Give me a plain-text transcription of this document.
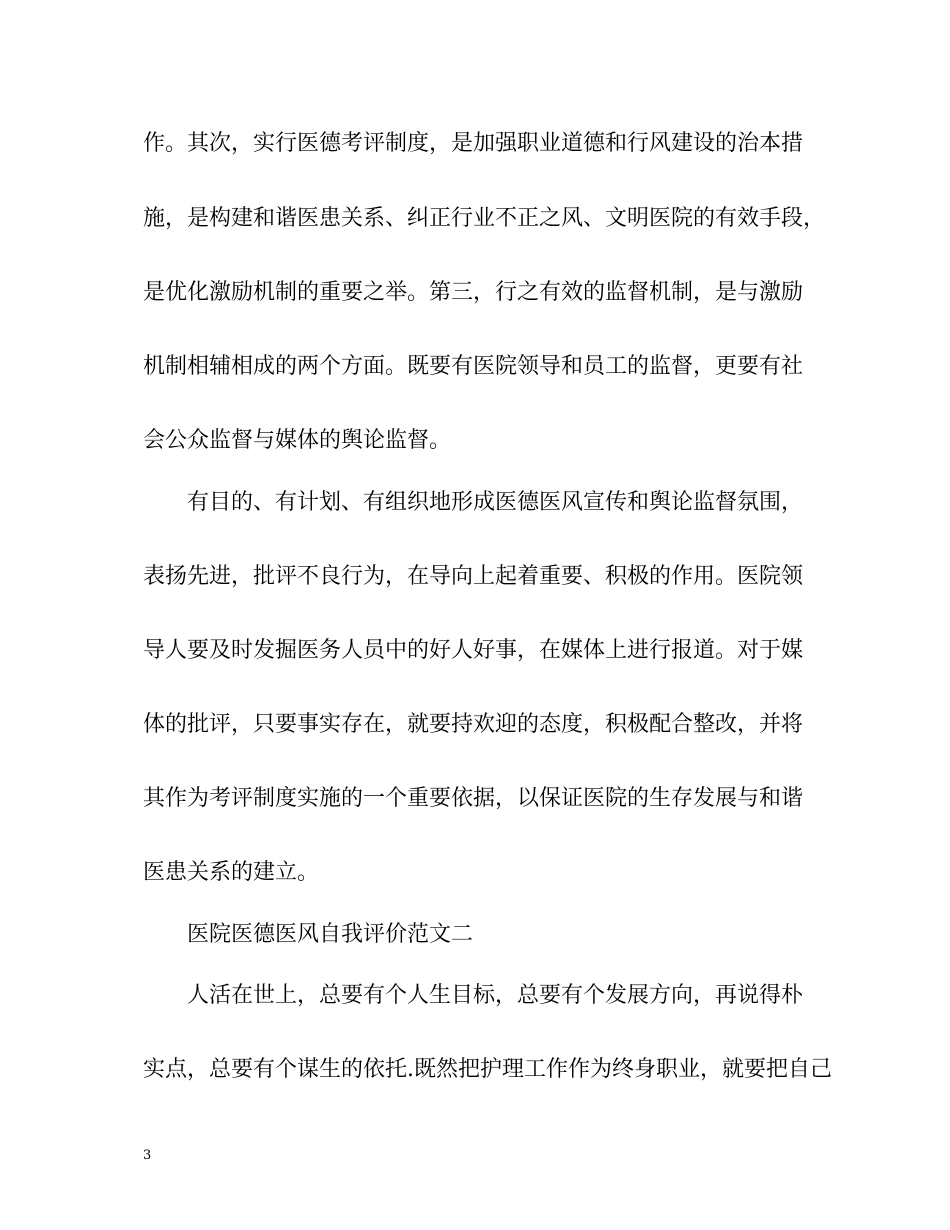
作。其次，实行医德考评制度，是加强职业道德和行风建设的治本措
施，是构建和谐医患关系、纠正行业不正之风、文明医院的有效手段，
是优化激励机制的重要之举。第三，行之有效的监督机制，是与激励
机制相辅相成的两个方面。既要有医院领导和员工的监督，更要有社
会公众监督与媒体的舆论监督。
有目的、有计划、有组织地形成医德医风宣传和舆论监督氛围，
表扬先进，批评不良行为，在导向上起着重要、积极的作用。医院领
导人要及时发掘医务人员中的好人好事，在媒体上进行报道。对于媒
体的批评，只要事实存在，就要持欢迎的态度，积极配合整改，并将
其作为考评制度实施的一个重要依据，以保证医院的生存发展与和谐
医患关系的建立。
医院医德医风自我评价范文二
人活在世上，总要有个人生目标，总要有个发展方向，再说得朴
实点，总要有个谋生的依托.既然把护理工作作为终身职业，就要把自己
3
